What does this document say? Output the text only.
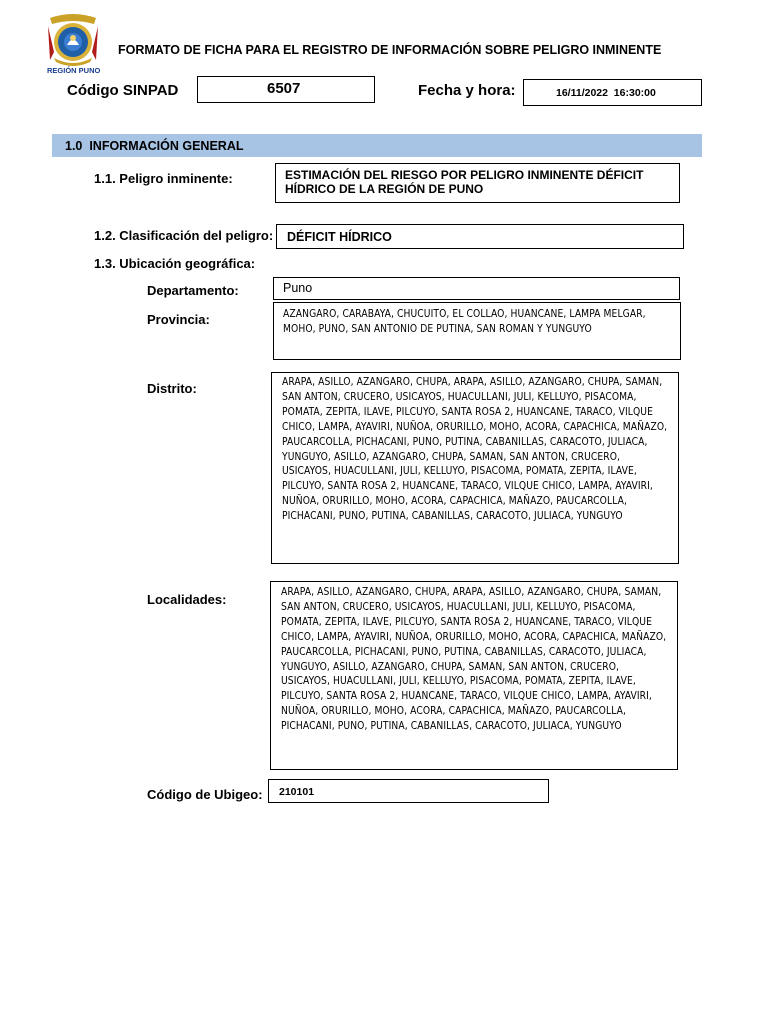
REGIÓN PUNO
FORMATO DE FICHA PARA EL REGISTRO DE INFORMACIÓN SOBRE PELIGRO INMINENTE
Código SINPAD	6507	Fecha y hora:	16/11/2022  16:30:00
1.0  INFORMACIÓN GENERAL
1.1. Peligro inminente:	ESTIMACIÓN DEL RIESGO POR PELIGRO INMINENTE DÉFICIT HÍDRICO DE LA REGIÓN DE PUNO
1.2. Clasificación del peligro: DÉFICIT HÍDRICO
1.3. Ubicación geográfica:
Departamento:	Puno
Provincia:	AZANGARO, CARABAYA, CHUCUITO, EL COLLAO, HUANCANE, LAMPA MELGAR, MOHO, PUNO, SAN ANTONIO DE PUTINA, SAN ROMAN Y YUNGUYO
Distrito:	ARAPA, ASILLO, AZANGARO, CHUPA, ARAPA, ASILLO, AZANGARO, CHUPA, SAMAN, SAN ANTON, CRUCERO, USICAYOS, HUACULLANI, JULI, KELLUYO, PISACOMA, POMATA, ZEPITA, ILAVE, PILCUYO, SANTA ROSA 2, HUANCANE, TARACO, VILQUE CHICO, LAMPA, AYAVIRI, NUÑOA, ORURILLO, MOHO, ACORA, CAPACHICA, MAÑAZO, PAUCARCOLLA, PICHACANI, PUNO, PUTINA, CABANILLAS, CARACOTO, JULIACA, YUNGUYO, ASILLO, AZANGARO, CHUPA, SAMAN, SAN ANTON, CRUCERO, USICAYOS, HUACULLANI, JULI, KELLUYO, PISACOMA, POMATA, ZEPITA, ILAVE, PILCUYO, SANTA ROSA 2, HUANCANE, TARACO, VILQUE CHICO, LAMPA, AYAVIRI, NUÑOA, ORURILLO, MOHO, ACORA, CAPACHICA, MAÑAZO, PAUCARCOLLA, PICHACANI, PUNO, PUTINA, CABANILLAS, CARACOTO, JULIACA, YUNGUYO
Localidades:	ARAPA, ASILLO, AZANGARO, CHUPA, ARAPA, ASILLO, AZANGARO, CHUPA, SAMAN, SAN ANTON, CRUCERO, USICAYOS, HUACULLANI, JULI, KELLUYO, PISACOMA, POMATA, ZEPITA, ILAVE, PILCUYO, SANTA ROSA 2, HUANCANE, TARACO, VILQUE CHICO, LAMPA, AYAVIRI, NUÑOA, ORURILLO, MOHO, ACORA, CAPACHICA, MAÑAZO, PAUCARCOLLA, PICHACANI, PUNO, PUTINA, CABANILLAS, CARACOTO, JULIACA, YUNGUYO, ASILLO, AZANGARO, CHUPA, SAMAN, SAN ANTON, CRUCERO, USICAYOS, HUACULLANI, JULI, KELLUYO, PISACOMA, POMATA, ZEPITA, ILAVE, PILCUYO, SANTA ROSA 2, HUANCANE, TARACO, VILQUE CHICO, LAMPA, AYAVIRI, NUÑOA, ORURILLO, MOHO, ACORA, CAPACHICA, MAÑAZO, PAUCARCOLLA, PICHACANI, PUNO, PUTINA, CABANILLAS, CARACOTO, JULIACA, YUNGUYO
Código de Ubigeo: 210101
